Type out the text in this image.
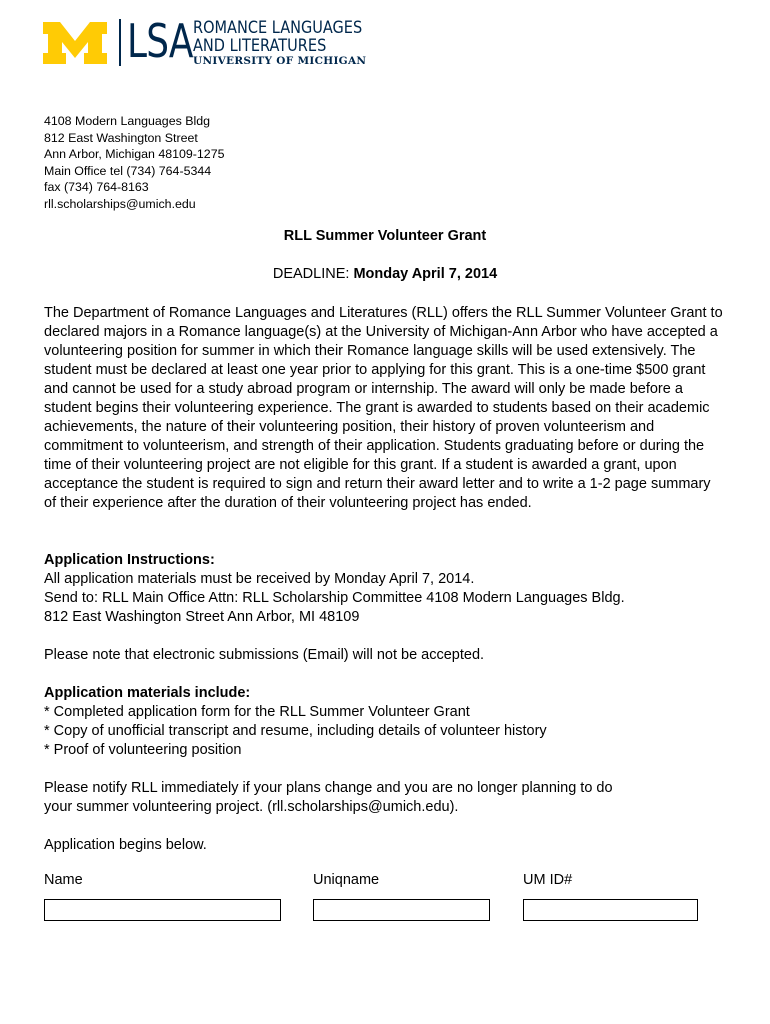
LSA ROMANCE LANGUAGES
AND LITERATURES
UNIVERSITY OF MICHIGAN
4108 Modern Languages Bldg
812 East Washington Street
Ann Arbor, Michigan 48109-1275
Main Office tel (734) 764-5344
fax (734) 764-8163
rll.scholarships@umich.edu
RLL Summer Volunteer Grant
DEADLINE: Monday April 7, 2014
The Department of Romance Languages and Literatures (RLL) offers the RLL Summer Volunteer Grant to declared majors in a Romance language(s) at the University of Michigan-Ann Arbor who have accepted a volunteering position for summer in which their Romance language skills will be used extensively. The student must be declared at least one year prior to applying for this grant. This is a one-time $500 grant and cannot be used for a study abroad program or internship. The award will only be made before a student begins their volunteering experience. The grant is awarded to students based on their academic achievements, the nature of their volunteering position, their history of proven volunteerism and commitment to volunteerism, and strength of their application. Students graduating before or during the time of their volunteering project are not eligible for this grant. If a student is awarded a grant, upon acceptance the student is required to sign and return their award letter and to write a 1-2 page summary of their experience after the duration of their volunteering project has ended.
Application Instructions:
All application materials must be received by Monday April 7, 2014.
Send to: RLL Main Office Attn: RLL Scholarship Committee 4108 Modern Languages Bldg.
812 East Washington Street Ann Arbor, MI 48109
Please note that electronic submissions (Email) will not be accepted.
Application materials include:
* Completed application form for the RLL Summer Volunteer Grant
* Copy of unofficial transcript and resume, including details of volunteer history
* Proof of volunteering position
Please notify RLL immediately if your plans change and you are no longer planning to do
your summer volunteering project. (rll.scholarships@umich.edu).
Application begins below.
Name	Uniqname	UM ID#
